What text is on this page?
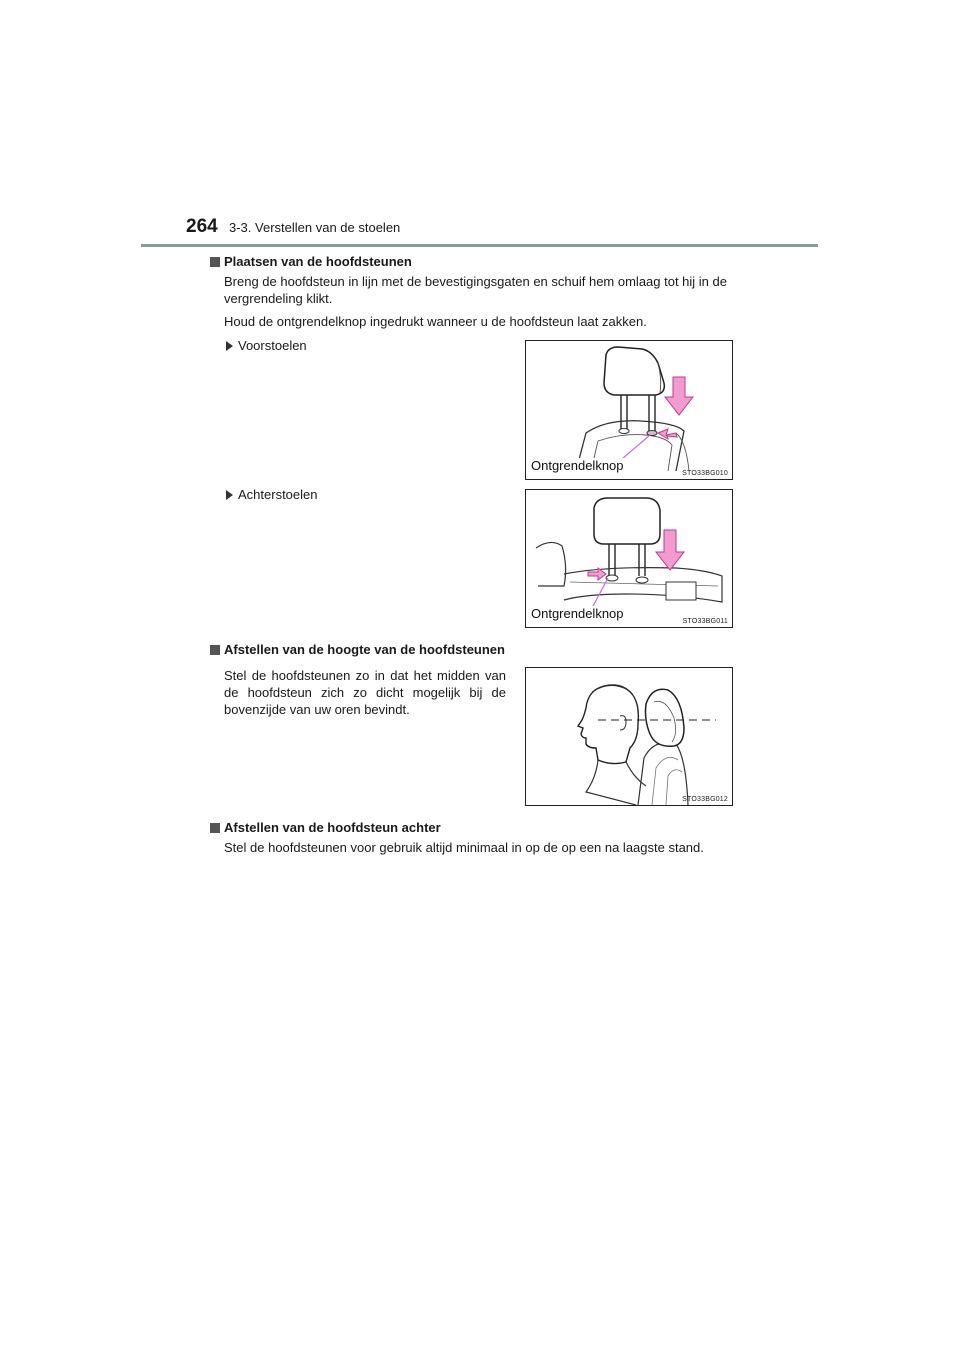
264 3-3. Verstellen van de stoelen
Plaatsen van de hoofdsteunen
Breng de hoofdsteun in lijn met de bevestigingsgaten en schuif hem omlaag tot hij in de vergrendeling klikt.
Houd de ontgrendelknop ingedrukt wanneer u de hoofdsteun laat zakken.
Voorstoelen
Achterstoelen
Afstellen van de hoogte van de hoofdsteunen
Stel de hoofdsteunen zo in dat het midden van de hoofdsteun zich zo dicht mogelijk bij de bovenzijde van uw oren bevindt.
Afstellen van de hoofdsteun achter
Stel de hoofdsteunen voor gebruik altijd minimaal in op de op een na laagste stand.
Ontgrendelknop
STO33BG010
Ontgrendelknop
STO33BG011
STO33BG012
